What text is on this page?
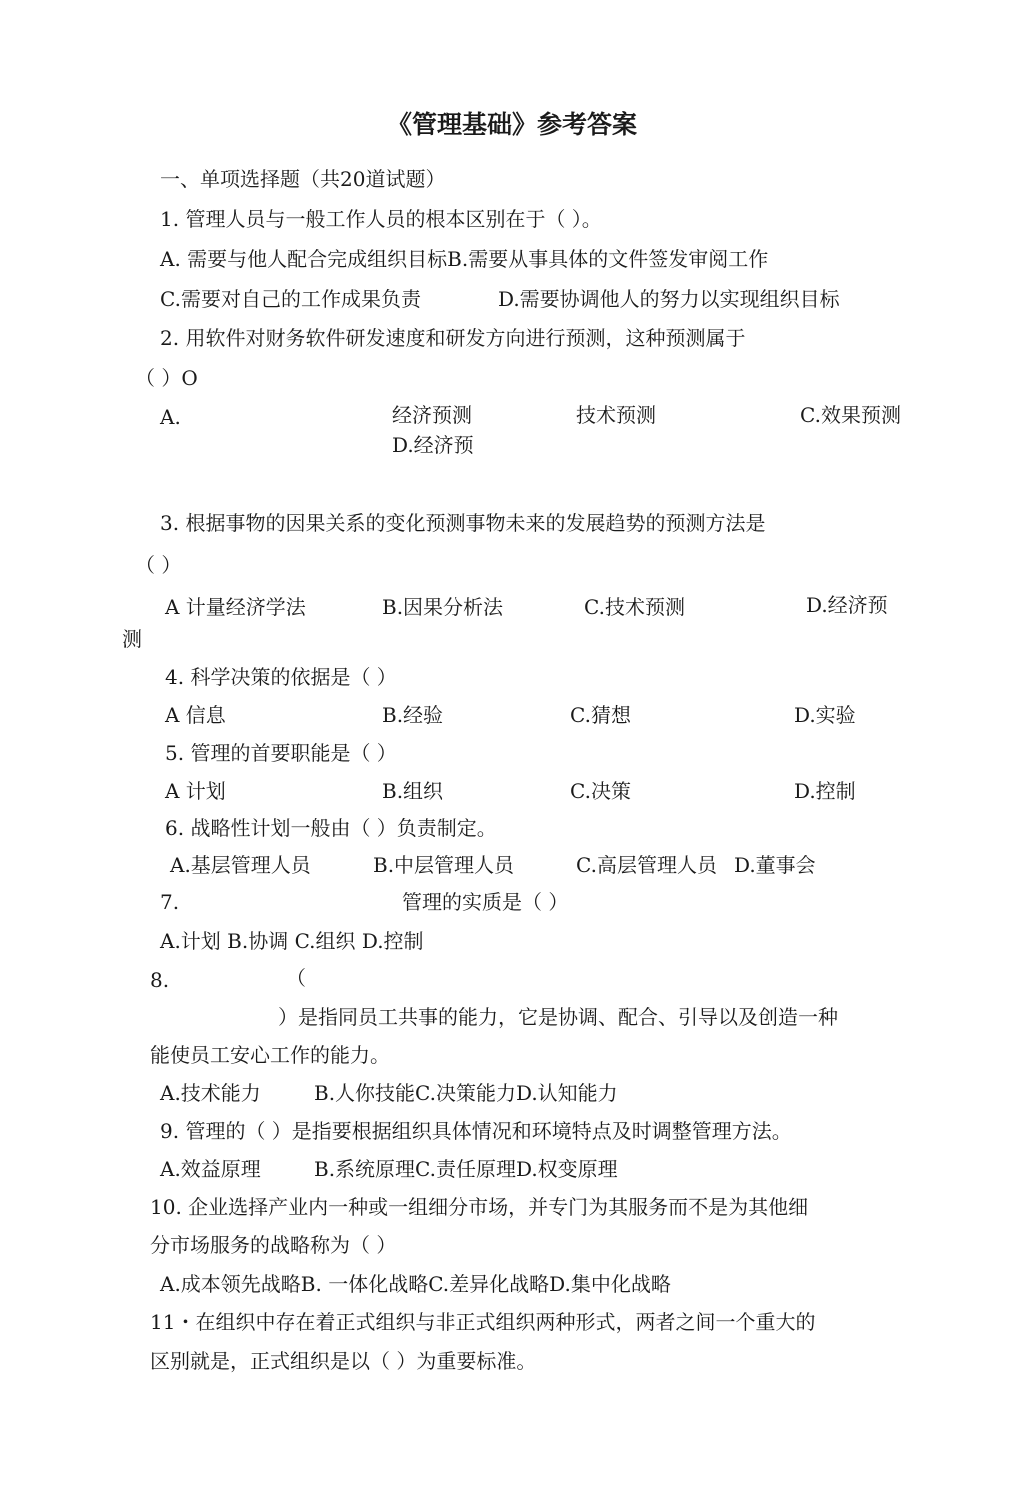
《管理基础》参考答案
一、单项选择题（共20道试题）
1. 管理人员与一般工作人员的根本区别在于（ ）。
A. 需要与他人配合完成组织目标B.需要从事具体的文件签发审阅工作
C.需要对自己的工作成果负责	D.需要协调他人的努力以实现组织目标
2. 用软件对财务软件研发速度和研发方向进行预测，这种预测属于
（ ）O
A.	经济预测	技术预测	C.效果预测
D.经济预
3. 根据事物的因果关系的变化预测事物未来的发展趋势的预测方法是
（ ）
A 计量经济学法	B.因果分析法	C.技术预测	D.经济预
测
4. 科学决策的依据是（ ）
A 信息	B.经验	C.猜想	D.实验
5. 管理的首要职能是（ ）
A 计划	B.组织	C.决策	D.控制
6. 战略性计划一般由（ ）负责制定。
A.基层管理人员	B.中层管理人员	C.高层管理人员 D.董事会
7.	管理的实质是（ ）
A.计划 B.协调 C.组织 D.控制
8.	（
）是指同员工共事的能力，它是协调、配合、引导以及创造一种
能使员工安心工作的能力。
A.技术能力	B.人你技能C.决策能力D.认知能力
9. 管理的（ ）是指要根据组织具体情况和环境特点及时调整管理方法。
A.效益原理	B.系统原理C.责任原理D.权变原理
10. 企业选择产业内一种或一组细分市场，并专门为其服务而不是为其他细
分市场服务的战略称为（ ）
A.成本领先战略B. 一体化战略C.差异化战略D.集中化战略
11・在组织中存在着正式组织与非正式组织两种形式，两者之间一个重大的
区别就是，正式组织是以（ ）为重要标准。
